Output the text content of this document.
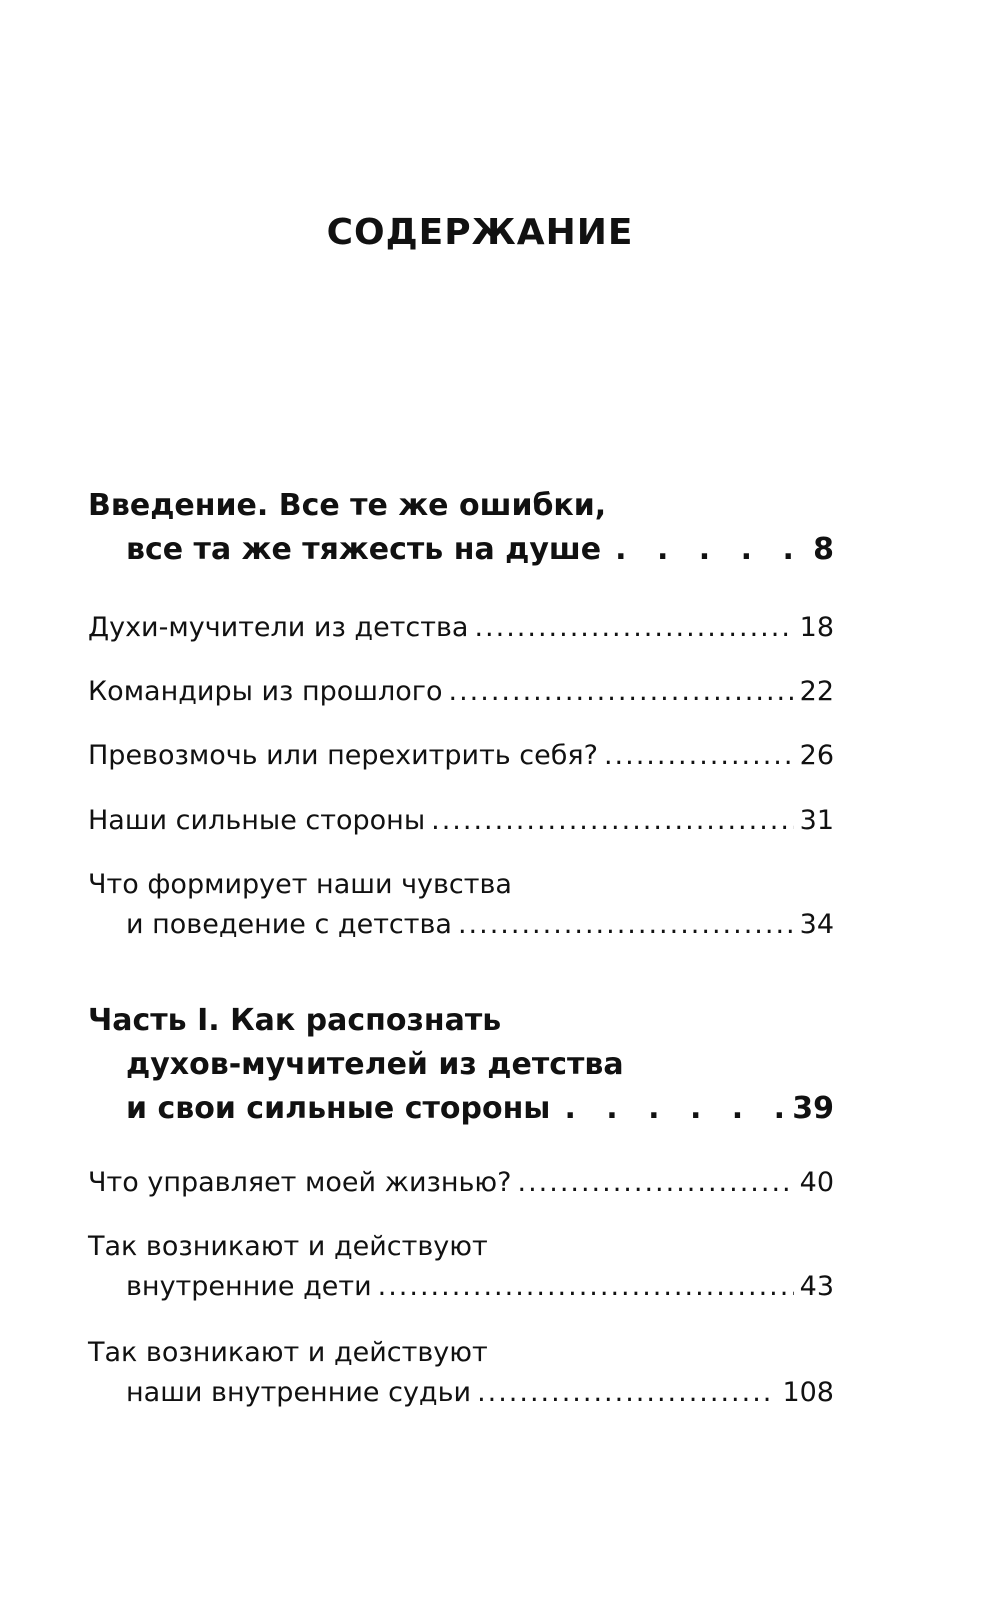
СОДЕРЖАНИЕ
Введение. Все те же ошибки,
все та же тяжесть на душе . . .	8
Духи-мучители из детства .....	18
Командиры из прошлого .....	22
Превозмочь или перехитрить себя? .....	26
Наши сильные стороны .....	31
Что формирует наши чувства
и поведение с детства .....	34
Часть I. Как распознать
духов-мучителей из детства
и свои сильные стороны . . .	39
Что управляет моей жизнью? .....	40
Так возникают и действуют
внутренние дети .....	43
Так возникают и действуют
наши внутренние судьи .....	108
